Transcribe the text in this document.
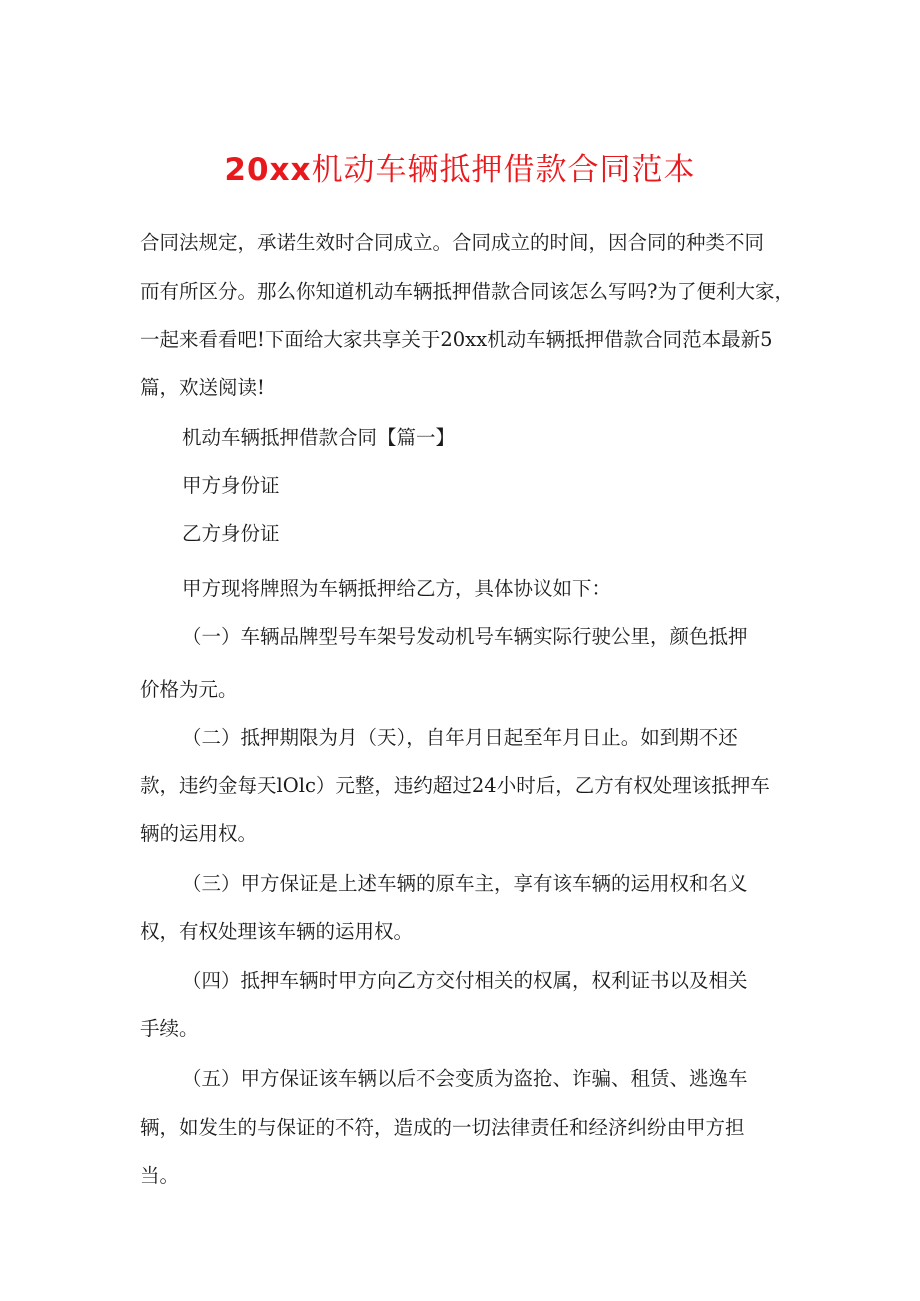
20xx机动车辆抵押借款合同范本

合同法规定，承诺生效时合同成立。合同成立的时间，因合同的种类不同

而有所区分。那么你知道机动车辆抵押借款合同该怎么写吗?为了便利大家，

一起来看看吧!下面给大家共享关于20xx机动车辆抵押借款合同范本最新5

篇，欢送阅读!

机动车辆抵押借款合同【篇一】

甲方身份证

乙方身份证

甲方现将牌照为车辆抵押给乙方，具体协议如下：

（一）车辆品牌型号车架号发动机号车辆实际行驶公里，颜色抵押

价格为元。

（二）抵押期限为月（天），自年月日起至年月日止。如到期不还

款，违约金每天lOlc）元整，违约超过24小时后，乙方有权处理该抵押车

辆的运用权。

（三）甲方保证是上述车辆的原车主，享有该车辆的运用权和名义

权，有权处理该车辆的运用权。

（四）抵押车辆时甲方向乙方交付相关的权属，权利证书以及相关

手续。

（五）甲方保证该车辆以后不会变质为盗抢、诈骗、租赁、逃逸车

辆，如发生的与保证的不符，造成的一切法律责任和经济纠纷由甲方担

当。
